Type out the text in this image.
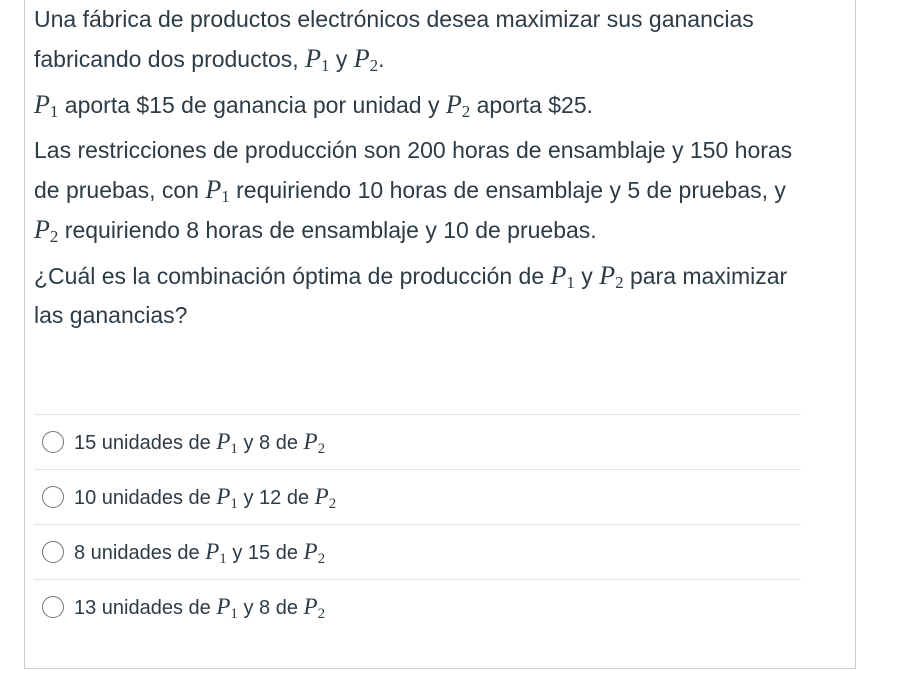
Una fábrica de productos electrónicos desea maximizar sus ganancias fabricando dos productos, $P_1$ y $P_2$.

$P_1$ aporta $15 de ganancia por unidad y $P_2$ aporta $25.

Las restricciones de producción son 200 horas de ensamblaje y 150 horas de pruebas, con $P_1$ requiriendo 10 horas de ensamblaje y 5 de pruebas, y $P_2$ requiriendo 8 horas de ensamblaje y 10 de pruebas.

¿Cuál es la combinación óptima de producción de $P_1$ y $P_2$ para maximizar las ganancias?

15 unidades de $P_1$ y 8 de $P_2$
10 unidades de $P_1$ y 12 de $P_2$
8 unidades de $P_1$ y 15 de $P_2$
13 unidades de $P_1$ y 8 de $P_2$
